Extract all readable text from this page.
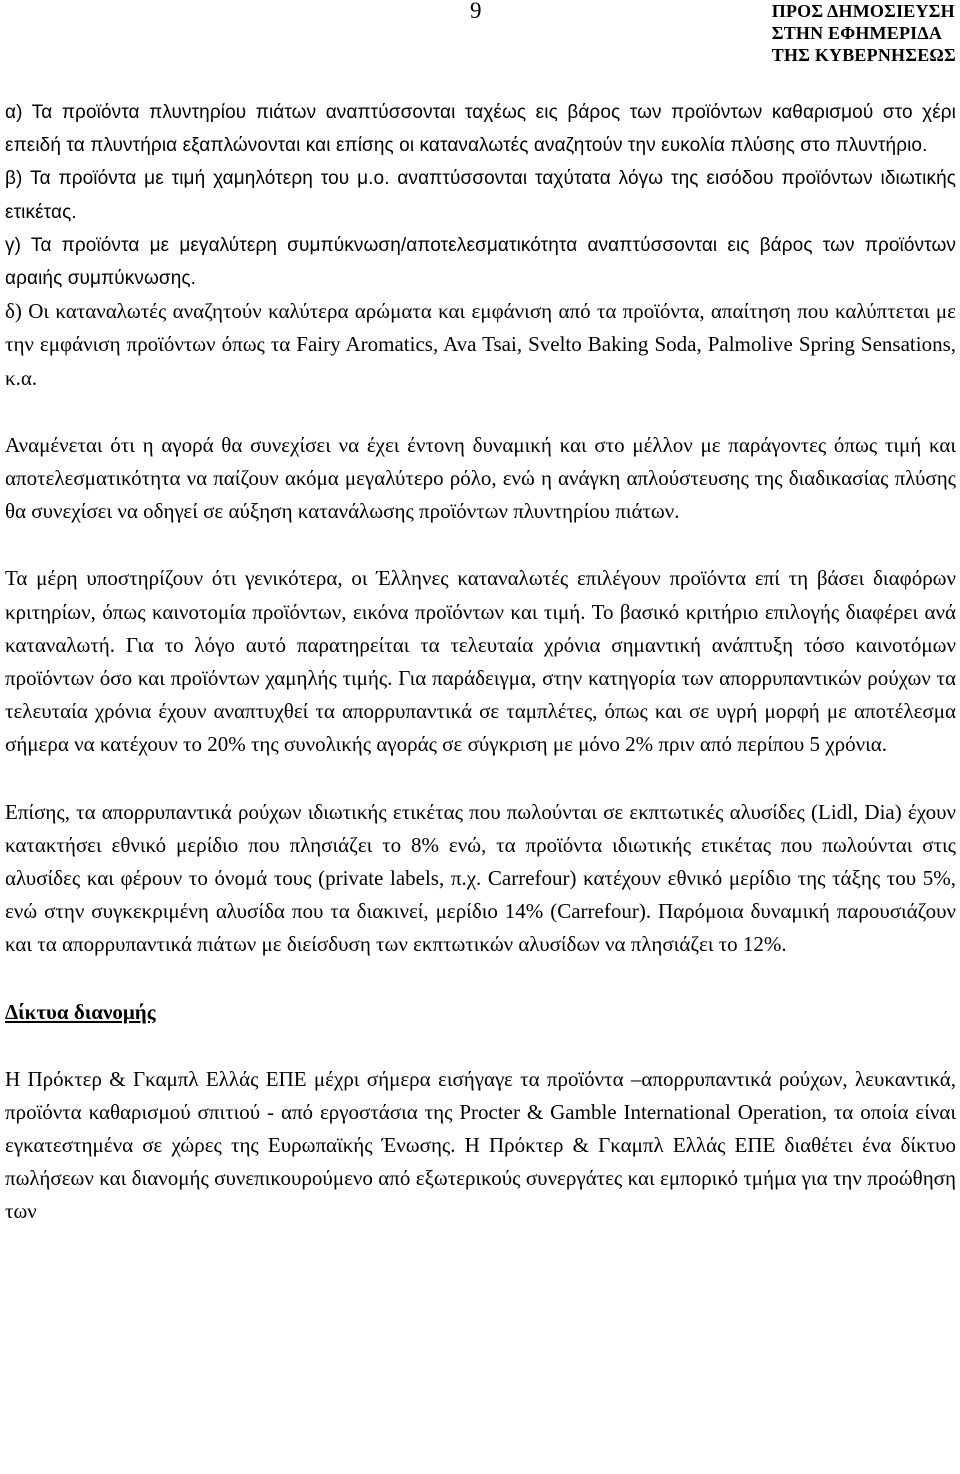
9	ΠΡΟΣ ΔΗΜΟΣΙΕΥΣΗ
ΣΤΗΝ ΕΦΗΜΕΡΙΔΑ
ΤΗΣ ΚΥΒΕΡΝΗΣΕΩΣ

α) Τα προϊόντα πλυντηρίου πιάτων αναπτύσσονται ταχέως εις βάρος των προϊόντων καθαρισμού στο χέρι επειδή τα πλυντήρια εξαπλώνονται και επίσης οι καταναλωτές αναζητούν την ευκολία πλύσης στο πλυντήριο.

β) Τα προϊόντα με τιμή χαμηλότερη του μ.ο. αναπτύσσονται ταχύτατα λόγω της εισόδου προϊόντων ιδιωτικής ετικέτας.

γ) Τα προϊόντα με μεγαλύτερη συμπύκνωση/αποτελεσματικότητα αναπτύσσονται εις βάρος των προϊόντων αραιής συμπύκνωσης.

δ) Οι καταναλωτές αναζητούν καλύτερα αρώματα και εμφάνιση από τα προϊόντα, απαίτηση που καλύπτεται με την εμφάνιση προϊόντων όπως τα Fairy Aromatics, Ava Tsai, Svelto Baking Soda, Palmolive Spring Sensations, κ.α.

Αναμένεται ότι η αγορά θα συνεχίσει να έχει έντονη δυναμική και στο μέλλον με παράγοντες όπως τιμή και αποτελεσματικότητα να παίζουν ακόμα μεγαλύτερο ρόλο, ενώ η ανάγκη απλούστευσης της διαδικασίας πλύσης θα συνεχίσει να οδηγεί σε αύξηση κατανάλωσης προϊόντων πλυντηρίου πιάτων.

Τα μέρη υποστηρίζουν ότι γενικότερα, οι Έλληνες καταναλωτές επιλέγουν προϊόντα επί τη βάσει διαφόρων κριτηρίων, όπως καινοτομία προϊόντων, εικόνα προϊόντων και τιμή. Το βασικό κριτήριο επιλογής διαφέρει ανά καταναλωτή. Για το λόγο αυτό παρατηρείται τα τελευταία χρόνια σημαντική ανάπτυξη τόσο καινοτόμων προϊόντων όσο και προϊόντων χαμηλής τιμής. Για παράδειγμα, στην κατηγορία των απορρυπαντικών ρούχων τα τελευταία χρόνια έχουν αναπτυχθεί τα απορρυπαντικά σε ταμπλέτες, όπως και σε υγρή μορφή με αποτέλεσμα σήμερα να κατέχουν το 20% της συνολικής αγοράς σε σύγκριση με μόνο 2% πριν από περίπου 5 χρόνια.

Επίσης, τα απορρυπαντικά ρούχων ιδιωτικής ετικέτας που πωλούνται σε εκπτωτικές αλυσίδες (Lidl, Dia) έχουν κατακτήσει εθνικό μερίδιο που πλησιάζει το 8% ενώ, τα προϊόντα ιδιωτικής ετικέτας που πωλούνται στις αλυσίδες και φέρουν το όνομά τους (private labels, π.χ. Carrefour) κατέχουν εθνικό μερίδιο της τάξης του 5%, ενώ στην συγκεκριμένη αλυσίδα που τα διακινεί, μερίδιο 14% (Carrefour). Παρόμοια δυναμική παρουσιάζουν και τα απορρυπαντικά πιάτων με διείσδυση των εκπτωτικών αλυσίδων να πλησιάζει το 12%.

Δίκτυα διανομής

Η Πρόκτερ & Γκαμπλ Ελλάς ΕΠΕ μέχρι σήμερα εισήγαγε τα προϊόντα –απορρυπαντικά ρούχων, λευκαντικά, προϊόντα καθαρισμού σπιτιού - από εργοστάσια της Procter & Gamble International Operation, τα οποία είναι εγκατεστημένα σε χώρες της Ευρωπαϊκής Ένωσης. Η Πρόκτερ & Γκαμπλ Ελλάς ΕΠΕ διαθέτει ένα δίκτυο πωλήσεων και διανομής συνεπικουρούμενο από εξωτερικούς συνεργάτες και εμπορικό τμήμα για την προώθηση των
